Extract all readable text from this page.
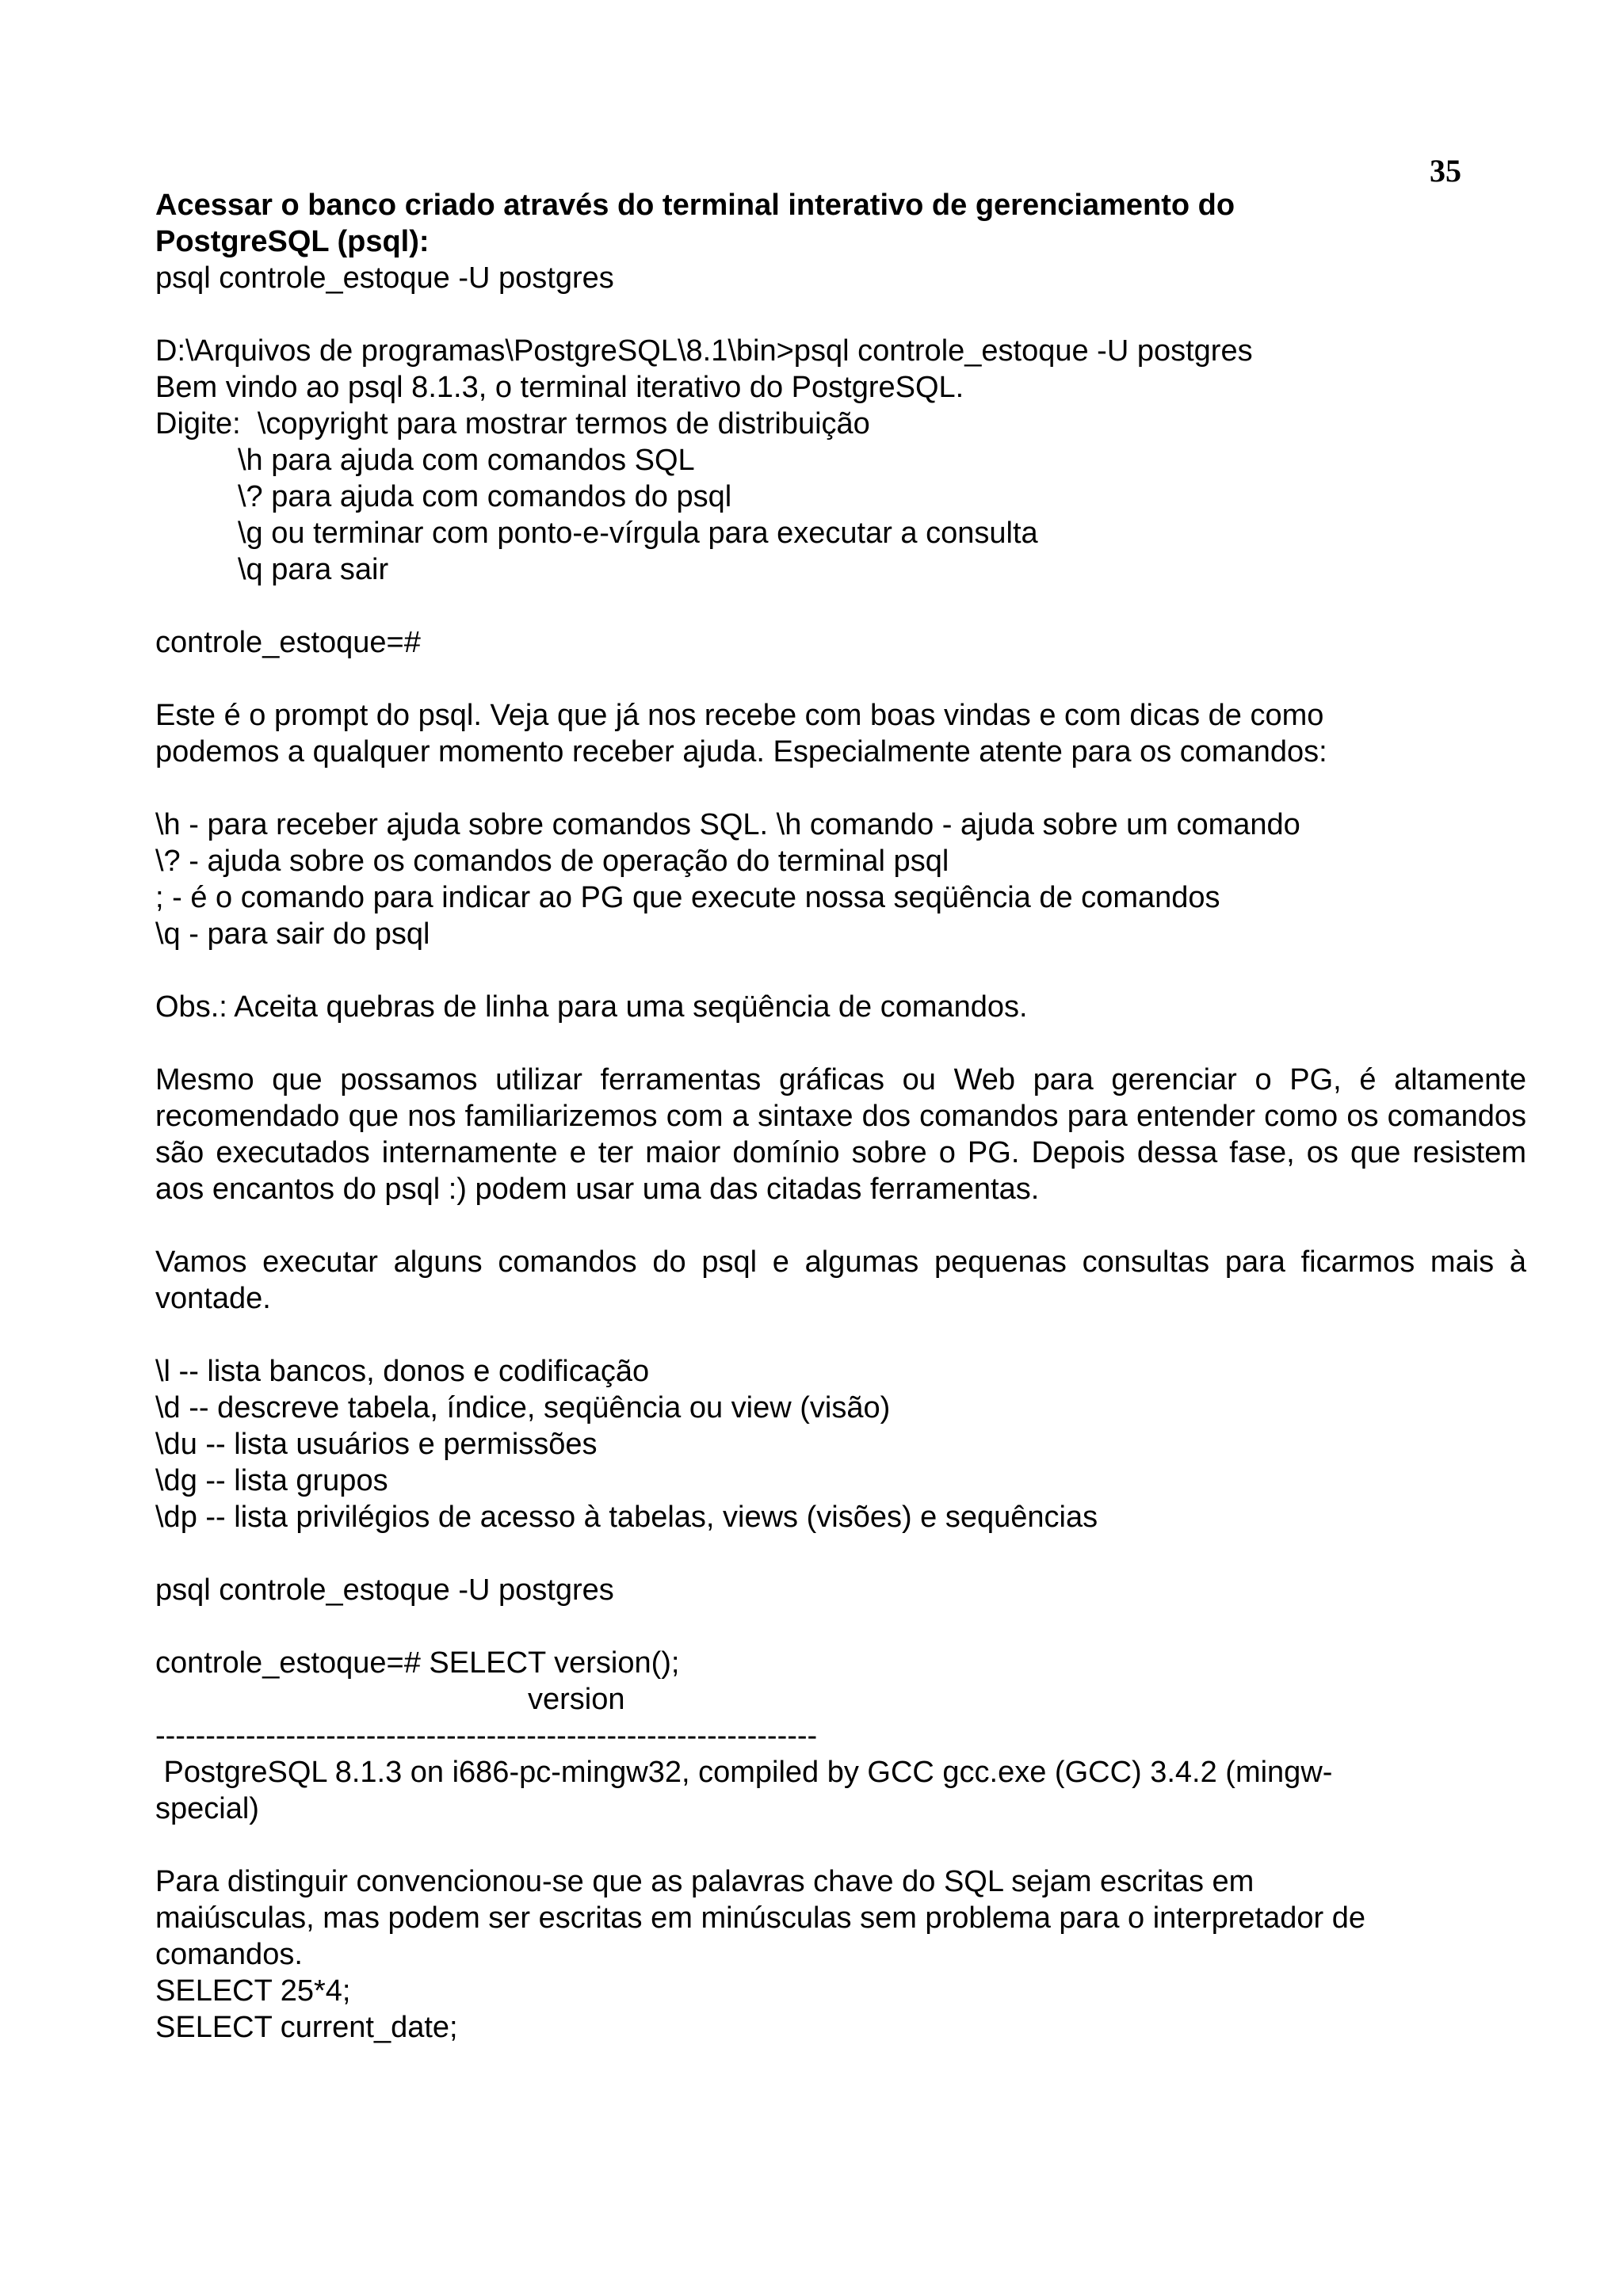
35

Acessar o banco criado através do terminal interativo de gerenciamento do

PostgreSQL (psql):

psql controle_estoque -U postgres

D:\Arquivos de programas\PostgreSQL\8.1\bin>psql controle_estoque -U postgres

Bem vindo ao psql 8.1.3, o terminal iterativo do PostgreSQL.

Digite:  \copyright para mostrar termos de distribuição

\h para ajuda com comandos SQL

\? para ajuda com comandos do psql

\g ou terminar com ponto-e-vírgula para executar a consulta

\q para sair

controle_estoque=#

Este é o prompt do psql. Veja que já nos recebe com boas vindas e com dicas de como

podemos a qualquer momento receber ajuda. Especialmente atente para os comandos:

\h - para receber ajuda sobre comandos SQL. \h comando - ajuda sobre um comando

\? - ajuda sobre os comandos de operação do terminal psql

; - é o comando para indicar ao PG que execute nossa seqüência de comandos

\q - para sair do psql

Obs.: Aceita quebras de linha para uma seqüência de comandos.

Mesmo que possamos utilizar ferramentas gráficas ou Web para gerenciar o PG, é altamente recomendado que nos familiarizemos com a sintaxe dos comandos para entender como os comandos são executados internamente e ter maior domínio sobre o PG. Depois dessa fase, os que resistem aos encantos do psql :) podem usar uma das citadas ferramentas.

Vamos executar alguns comandos do psql e algumas pequenas consultas para ficarmos mais à vontade.

\l -- lista bancos, donos e codificação

\d -- descreve tabela, índice, seqüência ou view (visão)

\du -- lista usuários e permissões

\dg -- lista grupos

\dp -- lista privilégios de acesso à tabelas, views (visões) e sequências

psql controle_estoque -U postgres

controle_estoque=# SELECT version();

version

------------------------------------------------------------------

PostgreSQL 8.1.3 on i686-pc-mingw32, compiled by GCC gcc.exe (GCC) 3.4.2 (mingw-

special)

Para distinguir convencionou-se que as palavras chave do SQL sejam escritas em

maiúsculas, mas podem ser escritas em minúsculas sem problema para o interpretador de

comandos.

SELECT 25*4;

SELECT current_date;
